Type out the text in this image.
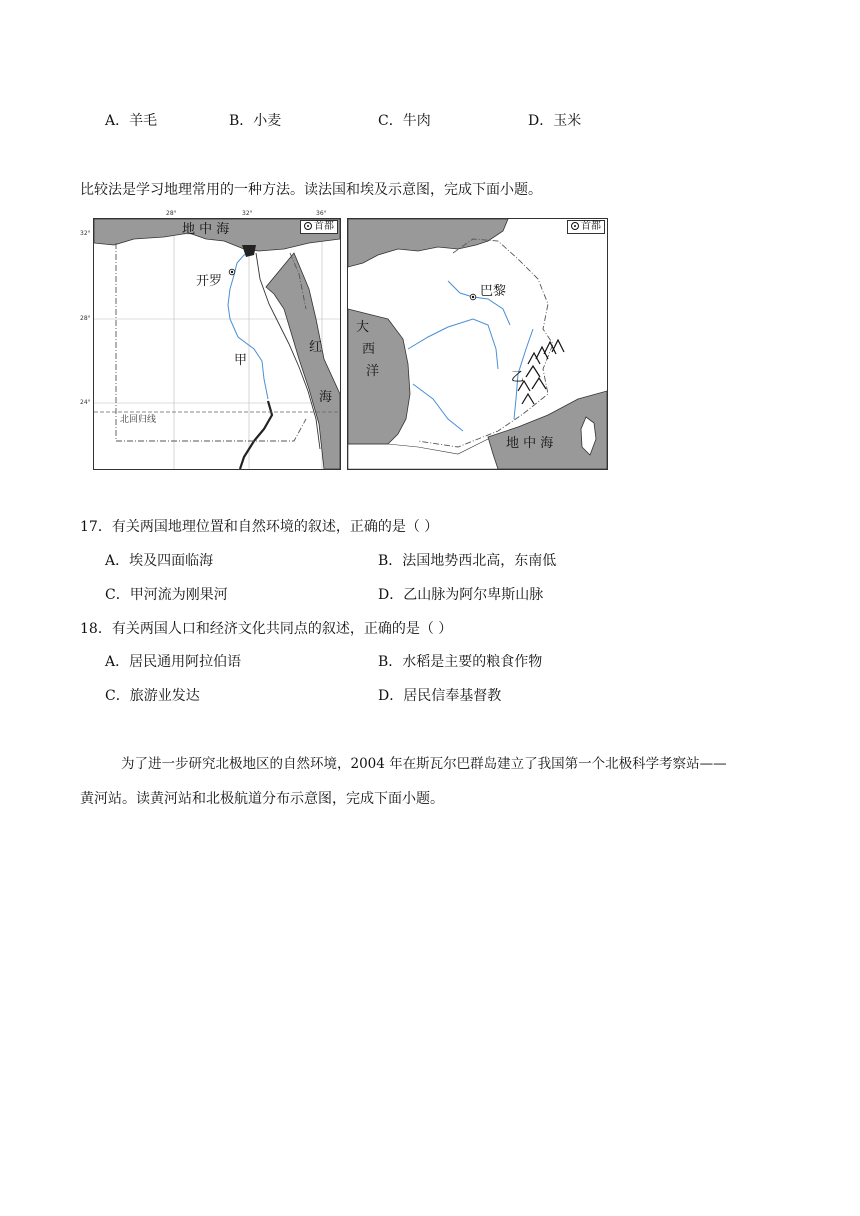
A．羊毛	B．小麦	C．牛肉	D．玉米
比较法是学习地理常用的一种方法。读法国和埃及示意图，完成下面小题。
首都
地 中 海
开罗
甲
红
海
北回归线
28°	32°	36°
32°
28°
24°
首都
巴黎
大
西
洋	乙
地 中 海
17．有关两国地理位置和自然环境的叙述，正确的是（ ）
A．埃及四面临海	B．法国地势西北高，东南低
C．甲河流为刚果河	D．乙山脉为阿尔卑斯山脉
18．有关两国人口和经济文化共同点的叙述，正确的是（ ）
A．居民通用阿拉伯语	B．水稻是主要的粮食作物
C．旅游业发达	D．居民信奉基督教
为了进一步研究北极地区的自然环境，2004 年在斯瓦尔巴群岛建立了我国第一个北极科学考察站——
黄河站。读黄河站和北极航道分布示意图，完成下面小题。
